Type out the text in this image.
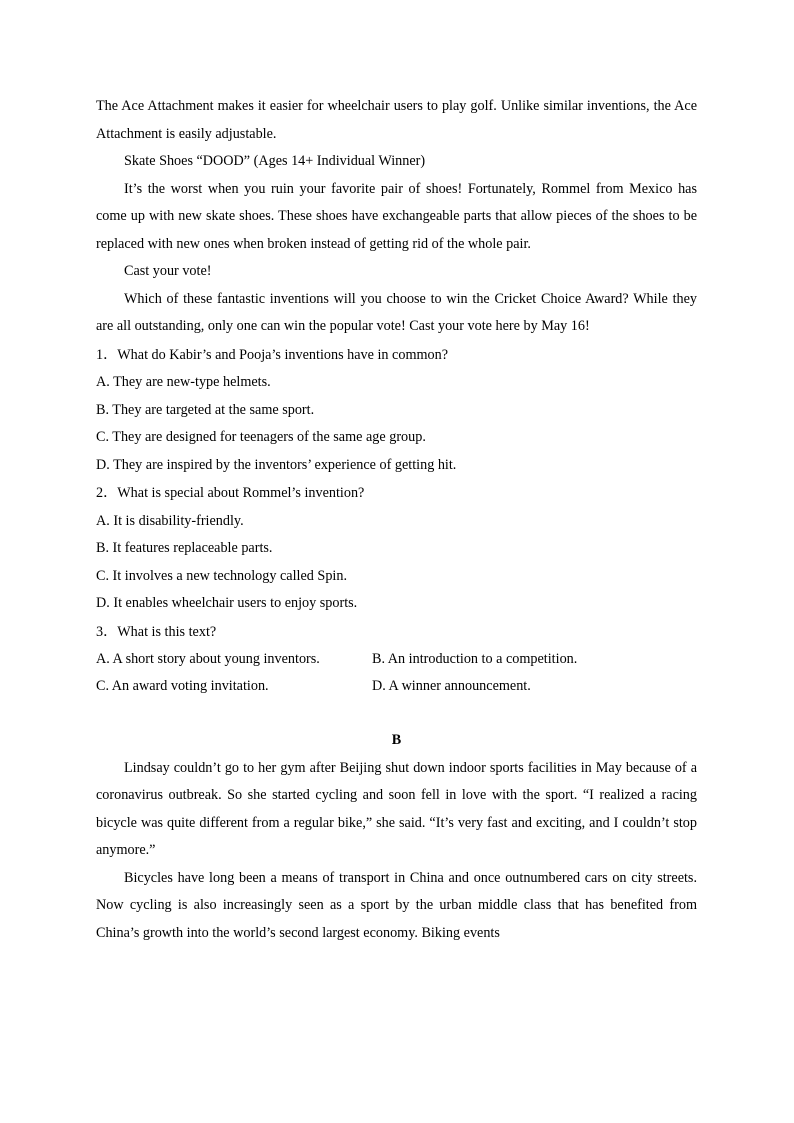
The Ace Attachment makes it easier for wheelchair users to play golf. Unlike similar inventions, the Ace Attachment is easily adjustable.

Skate Shoes “DOOD” (Ages 14+ Individual Winner)

It’s the worst when you ruin your favorite pair of shoes! Fortunately, Rommel from Mexico has come up with new skate shoes. These shoes have exchangeable parts that allow pieces of the shoes to be replaced with new ones when broken instead of getting rid of the whole pair.

Cast your vote!

Which of these fantastic inventions will you choose to win the Cricket Choice Award? While they are all outstanding, only one can win the popular vote! Cast your vote here by May 16!

1．What do Kabir’s and Pooja’s inventions have in common?

A. They are new-type helmets.

B. They are targeted at the same sport.

C. They are designed for teenagers of the same age group.

D. They are inspired by the inventors’ experience of getting hit.

2．What is special about Rommel’s invention?

A. It is disability-friendly.

B. It features replaceable parts.

C. It involves a new technology called Spin.

D. It enables wheelchair users to enjoy sports.

3．What is this text?

A. A short story about young inventors.	B. An introduction to a competition.
C. An award voting invitation.	D. A winner announcement.
B

Lindsay couldn’t go to her gym after Beijing shut down indoor sports facilities in May because of a coronavirus outbreak. So she started cycling and soon fell in love with the sport. “I realized a racing bicycle was quite different from a regular bike,” she said. “It’s very fast and exciting, and I couldn’t stop anymore.”

Bicycles have long been a means of transport in China and once outnumbered cars on city streets. Now cycling is also increasingly seen as a sport by the urban middle class that has benefited from China’s growth into the world’s second largest economy. Biking events
